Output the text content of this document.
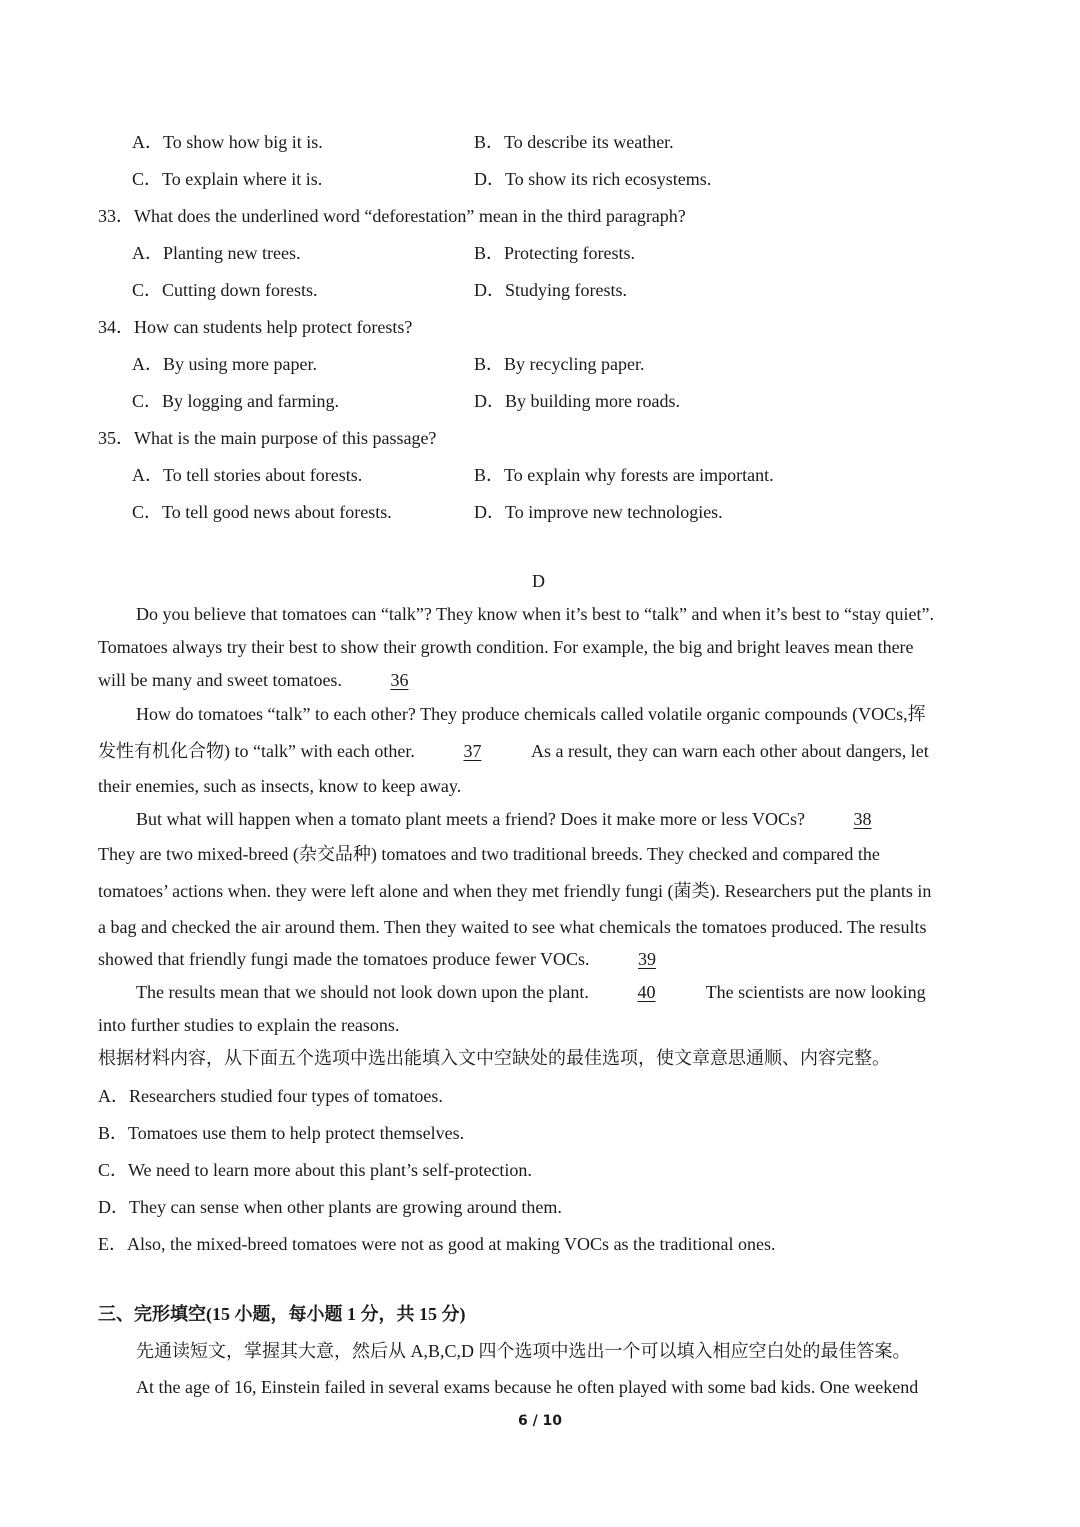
A．To show how big it is.	B．To describe its weather.
C．To explain where it is.	D．To show its rich ecosystems.
33．What does the underlined word “deforestation” mean in the third paragraph?
A．Planting new trees.	B．Protecting forests.
C．Cutting down forests.	D．Studying forests.
34．How can students help protect forests?
A．By using more paper.	B．By recycling paper.
C．By logging and farming.	D．By building more roads.
35．What is the main purpose of this passage?
A．To tell stories about forests.	B．To explain why forests are important.
C．To tell good news about forests.	D．To improve new technologies.
D
Do you believe that tomatoes can “talk”? They know when it’s best to “talk” and when it’s best to “stay quiet”.
Tomatoes always try their best to show their growth condition. For example, the big and bright leaves mean there
will be many and sweet tomatoes.	36
How do tomatoes “talk” to each other? They produce chemicals called volatile organic compounds (VOCs,挥
发性有机化合物) to “talk” with each other.	37	As a result, they can warn each other about dangers, let
their enemies, such as insects, know to keep away.
But what will happen when a tomato plant meets a friend? Does it make more or less VOCs?	38
They are two mixed-breed (杂交品种) tomatoes and two traditional breeds. They checked and compared the
tomatoes’ actions when. they were left alone and when they met friendly fungi (菌类). Researchers put the plants in
a bag and checked the air around them. Then they waited to see what chemicals the tomatoes produced. The results
showed that friendly fungi made the tomatoes produce fewer VOCs.	39
The results mean that we should not look down upon the plant.	40	The scientists are now looking
into further studies to explain the reasons.
根据材料内容，从下面五个选项中选出能填入文中空缺处的最佳选项，使文章意思通顺、内容完整。
A．Researchers studied four types of tomatoes.
B．Tomatoes use them to help protect themselves.
C．We need to learn more about this plant’s self-protection.
D．They can sense when other plants are growing around them.
E．Also, the mixed-breed tomatoes were not as good at making VOCs as the traditional ones.
三、完形填空(15 小题，每小题 1 分，共 15 分)
先通读短文，掌握其大意，然后从 A,B,C,D 四个选项中选出一个可以填入相应空白处的最佳答案。
At the age of 16, Einstein failed in several exams because he often played with some bad kids. One weekend
6 / 10
